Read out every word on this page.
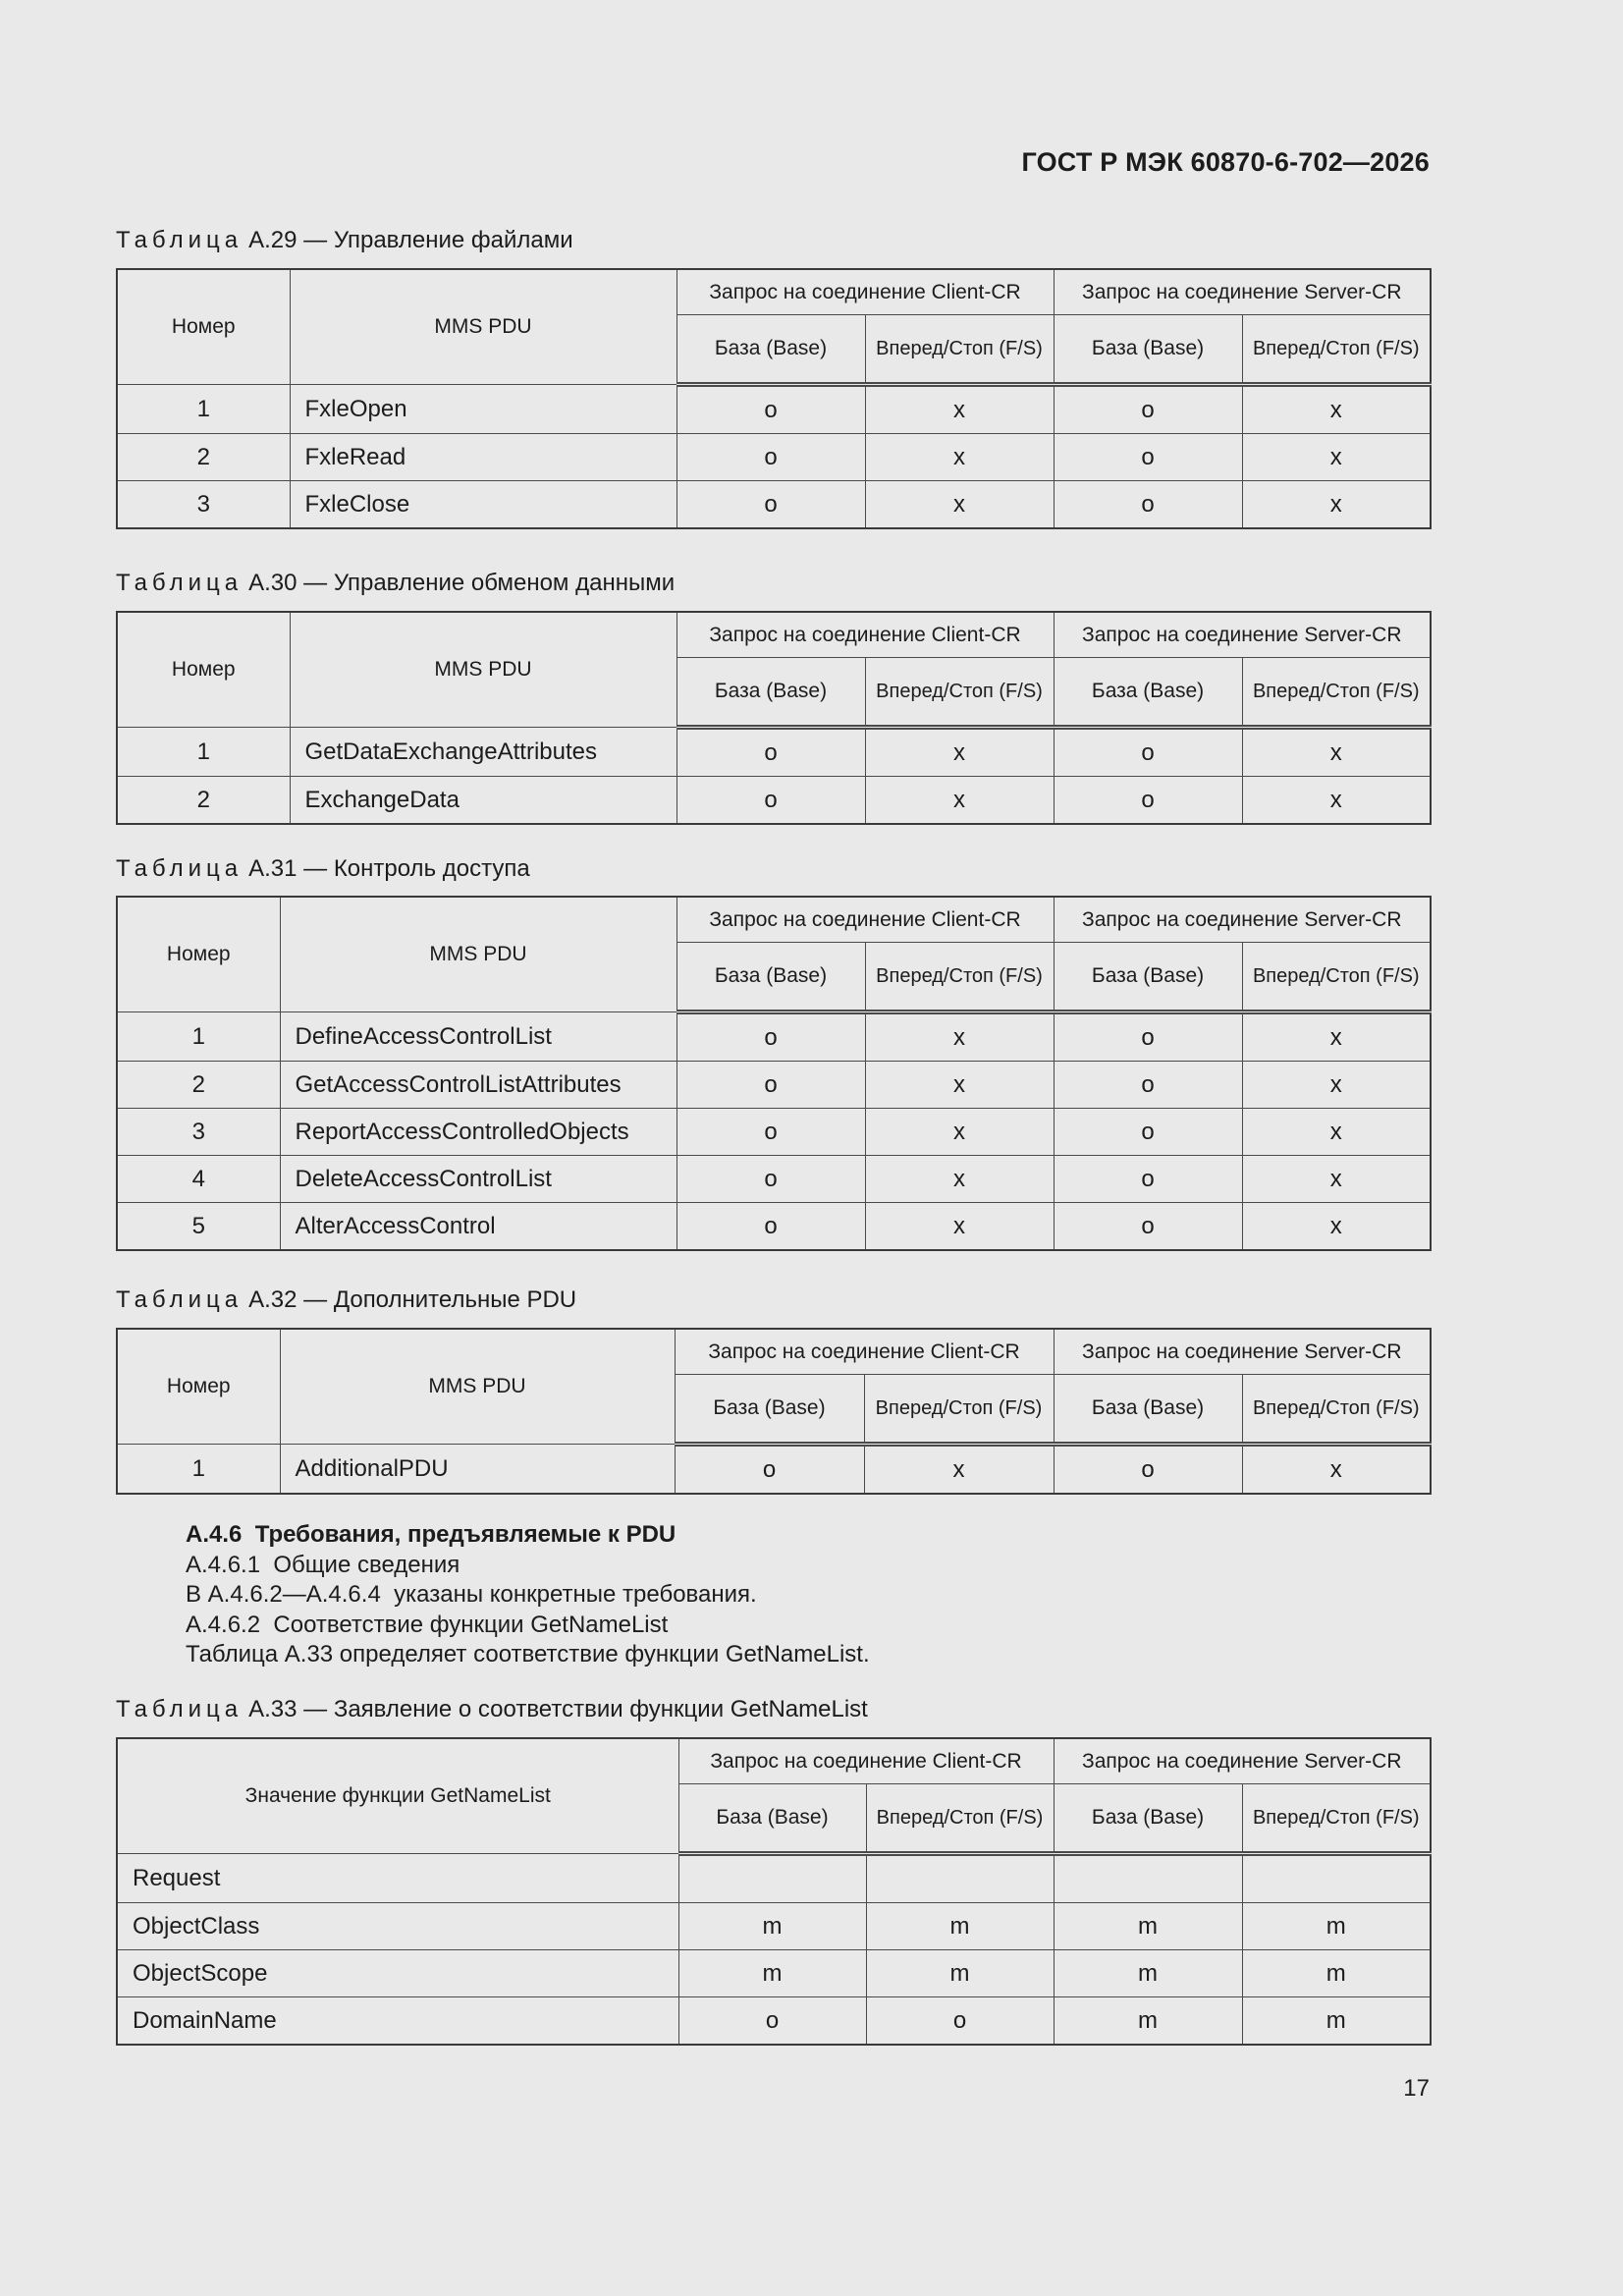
ГОСТ Р МЭК 60870-6-702—2026
Таблица А.29 — Управление файлами
Номер	MMS PDU	Запрос на соединение Client-CR		Запрос на соединение Server-CR	
		База (Base)	Вперед/Стоп (F/S)	База (Base)	Вперед/Стоп (F/S)
1	FxleOpen	o	x	o	x
2	FxleRead	o	x	o	x
3	FxleClose	o	x	o	x
Таблица А.30 — Управление обменом данными
Номер	MMS PDU	Запрос на соединение Client-CR		Запрос на соединение Server-CR	
		База (Base)	Вперед/Стоп (F/S)	База (Base)	Вперед/Стоп (F/S)
1	GetDataExchangeAttributes	o	x	o	x
2	ExchangeData	o	x	o	x
Таблица А.31 — Контроль доступа
Номер	MMS PDU	Запрос на соединение Client-CR		Запрос на соединение Server-CR	
		База (Base)	Вперед/Стоп (F/S)	База (Base)	Вперед/Стоп (F/S)
1	DefineAccessControlList	o	x	o	x
2	GetAccessControlListAttributes	o	x	o	x
3	ReportAccessControlledObjects	o	x	o	x
4	DeleteAccessControlList	o	x	o	x
5	AlterAccessControl	o	x	o	x
Таблица А.32 — Дополнительные PDU
Номер	MMS PDU	Запрос на соединение Client-CR		Запрос на соединение Server-CR	
		База (Base)	Вперед/Стоп (F/S)	База (Base)	Вперед/Стоп (F/S)
1	AdditionalPDU	o	x	o	x
А.4.6  Требования, предъявляемые к PDU
А.4.6.1  Общие сведения
В А.4.6.2—А.4.6.4  указаны конкретные требования.
А.4.6.2  Соответствие функции GetNameList
Таблица А.33 определяет соответствие функции GetNameList.
Таблица А.33 — Заявление о соответствии функции GetNameList
Значение функции GetNameList	Запрос на соединение Client-CR		Запрос на соединение Server-CR	
	База (Base)	Вперед/Стоп (F/S)	База (Base)	Вперед/Стоп (F/S)
Request				
ObjectClass	m	m	m	m
ObjectScope	m	m	m	m
DomainName	o	o	m	m
17
